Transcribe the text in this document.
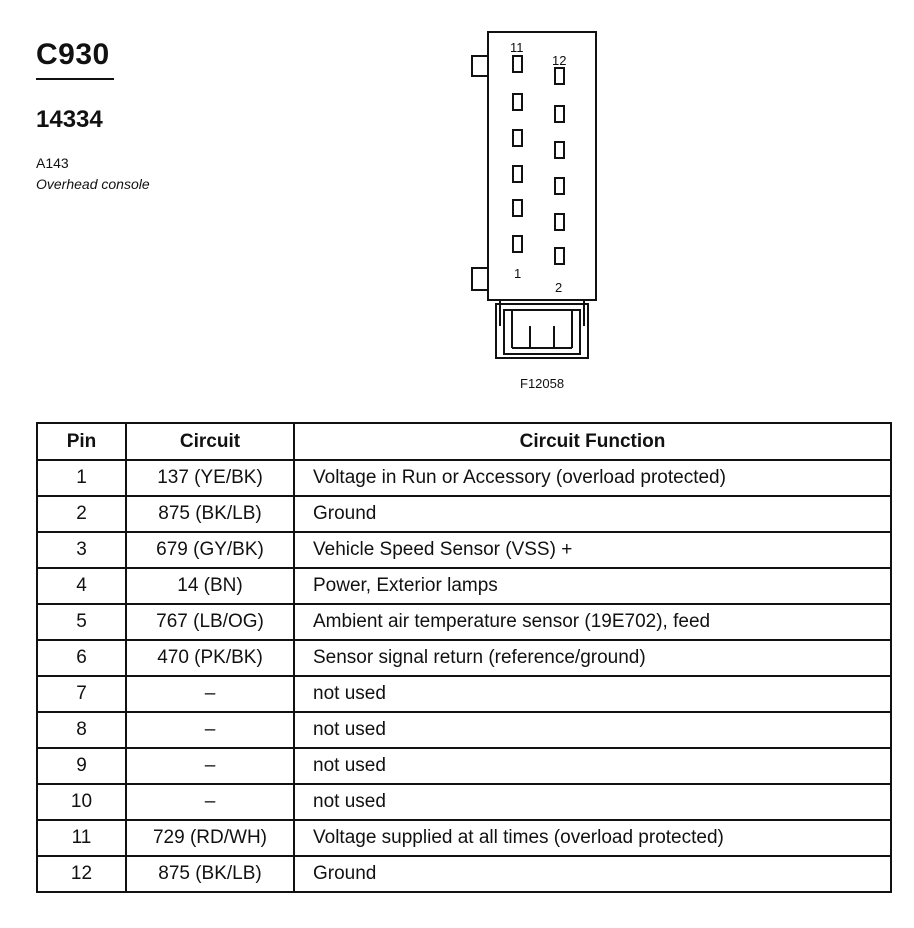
C930
14334
A143
Overhead console
11
12
1
2
F12058
Pin	Circuit	Circuit Function
1	137 (YE/BK)	Voltage in Run or Accessory (overload protected)
2	875 (BK/LB)	Ground
3	679 (GY/BK)	Vehicle Speed Sensor (VSS) +
4	14 (BN)	Power, Exterior lamps
5	767 (LB/OG)	Ambient air temperature sensor (19E702), feed
6	470 (PK/BK)	Sensor signal return (reference/ground)
7	–	not used
8	–	not used
9	–	not used
10	–	not used
11	729 (RD/WH)	Voltage supplied at all times (overload protected)
12	875 (BK/LB)	Ground
